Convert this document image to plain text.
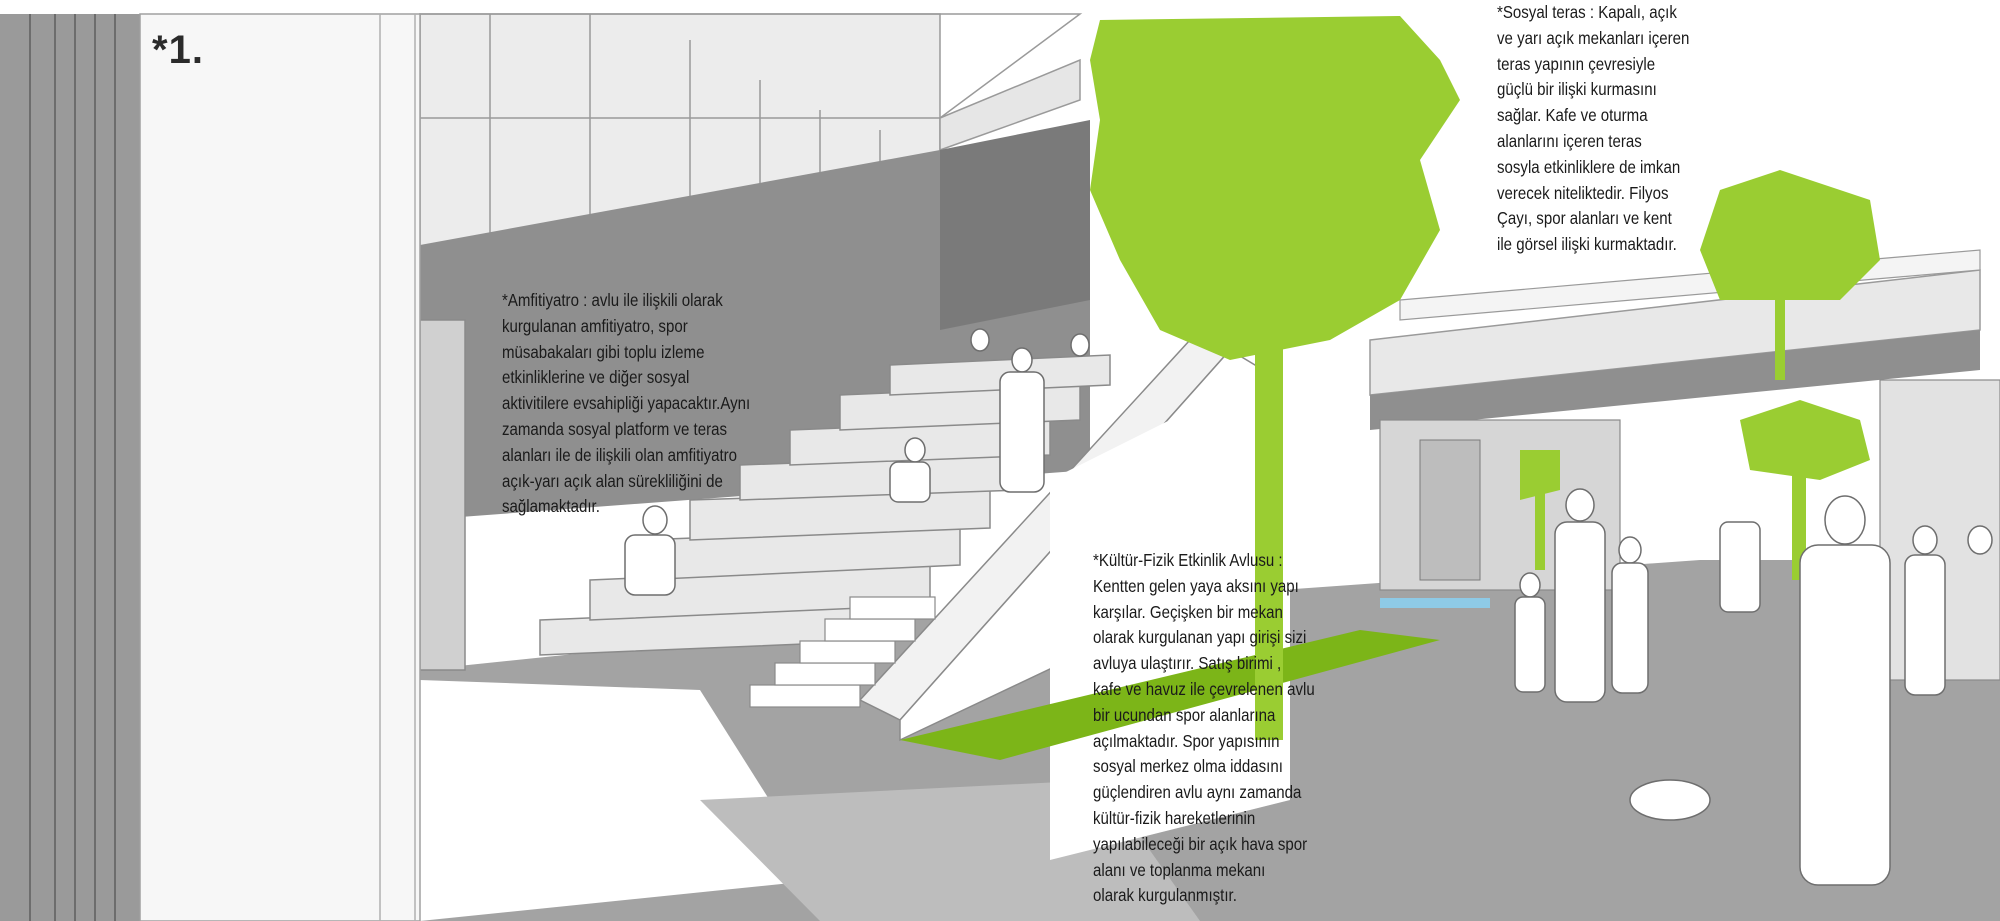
*1.
*Amfitiyatro : avlu ile ilişkili olarak
kurgulanan amfitiyatro, spor
müsabakaları gibi toplu izleme
etkinliklerine ve diğer sosyal
aktivitilere evsahipliği yapacaktır.Aynı
zamanda sosyal platform ve teras
alanları ile de ilişkili olan amfitiyatro
açık-yarı açık alan sürekliliğini de
sağlamaktadır.
*Sosyal teras : Kapalı, açık
ve yarı açık mekanları içeren
teras yapının çevresiyle
güçlü bir ilişki kurmasını
sağlar. Kafe ve oturma
alanlarını içeren teras
sosyla etkinliklere de imkan
verecek niteliktedir. Filyos
Çayı, spor alanları ve kent
ile görsel ilişki kurmaktadır.
*Kültür-Fizik Etkinlik Avlusu :
Kentten gelen yaya aksını yapı
karşılar. Geçişken bir mekan
olarak kurgulanan yapı girişi sizi
avluya ulaştırır. Satış birimi ,
kafe ve havuz ile çevrelenen avlu
bir ucundan spor alanlarına
açılmaktadır. Spor yapısının
sosyal merkez olma iddasını
güçlendiren avlu aynı zamanda
kültür-fizik hareketlerinin
yapılabileceği bir açık hava spor
alanı ve toplanma mekanı
olarak kurgulanmıştır.
